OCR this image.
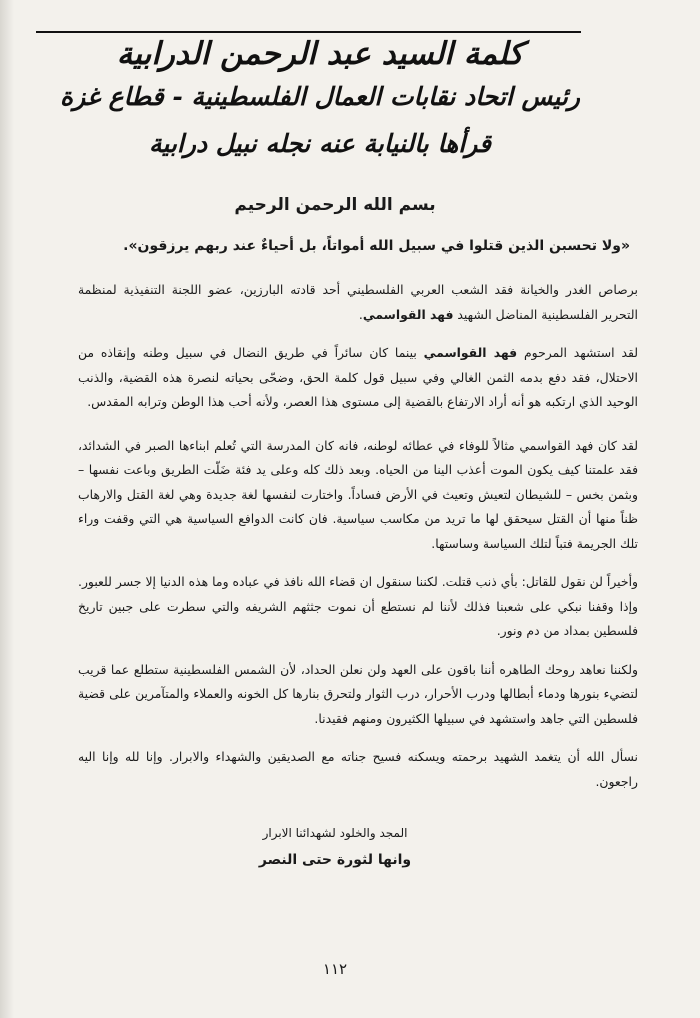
كلمة السيد عبد الرحمن الدرابية
رئيس اتحاد نقابات العمال الفلسطينية - قطاع غزة
قرأها بالنيابة عنه نجله نبيل درابية
بسم الله الرحمن الرحيم
«ولا تحسبن الذين قتلوا في سبيل الله أمواتاً، بل أحياءٌ عند ربهم يرزقون».

برصاص الغدر والخيانة فقد الشعب العربي الفلسطيني أحد قادته البارزين، عضو اللجنة التنفيذية لمنظمة التحرير الفلسطينية المناضل الشهيد فهد القواسمي.

لقد استشهد المرحوم فهد القواسمي بينما كان سائراً في طريق النضال في سبيل وطنه وإنقاذه من الاحتلال، فقد دفع بدمه الثمن الغالي وفي سبيل قول كلمة الحق، وضحّى بحياته لنصرة هذه القضية، والذنب الوحيد الذي ارتكبه هو أنه أراد الارتفاع بالقضية إلى مستوى هذا العصر، ولأنه أحب هذا الوطن وترابه المقدس.

لقد كان فهد القواسمي مثالاً للوفاء في عطائه لوطنه، فانه كان المدرسة التي تُعلم ابناءها الصبر في الشدائد، فقد علمتنا كيف يكون الموت أعذب الينا من الحياه. وبعد ذلك كله وعلى يد فئة ضَلّت الطريق وباعت نفسها – وبثمن بخس – للشيطان لتعيش وتعيث في الأرض فساداً. واختارت لنفسها لغة جديدة وهي لغة القتل والارهاب ظناً منها أن القتل سيحقق لها ما تريد من مكاسب سياسية. فان كانت الدوافع السياسية هي التي وقفت وراء تلك الجريمة فتباً لتلك السياسة وساستها.

وأخيراً لن نقول للقاتل: بأي ذنب قتلت. لكننا سنقول ان قضاء الله نافذ في عباده وما هذه الدنيا إلا جسر للعبور. وإذا وقفنا نبكي على شعبنا فذلك لأننا لم نستطع أن نموت جثثهم الشريفه والتي سطرت على جبين تاريخ فلسطين بمداد من دم ونور.

ولكننا نعاهد روحك الطاهره أننا باقون على العهد ولن نعلن الحداد، لأن الشمس الفلسطينية ستطلع عما قريب لتضيء بنورها ودماء أبطالها ودرب الأحرار، درب الثوار ولتحرق بنارها كل الخونه والعملاء والمتآمرين على قضية فلسطين التي جاهد واستشهد في سبيلها الكثيرون ومنهم فقيدنا.

نسأل الله أن يتغمد الشهيد برحمته ويسكنه فسيح جناته مع الصديقين والشهداء والابرار. وإنا لله وإنا اليه راجعون.

المجد والخلود لشهدائنا الابرار
وانها لثورة حتى النصر
١١٢
